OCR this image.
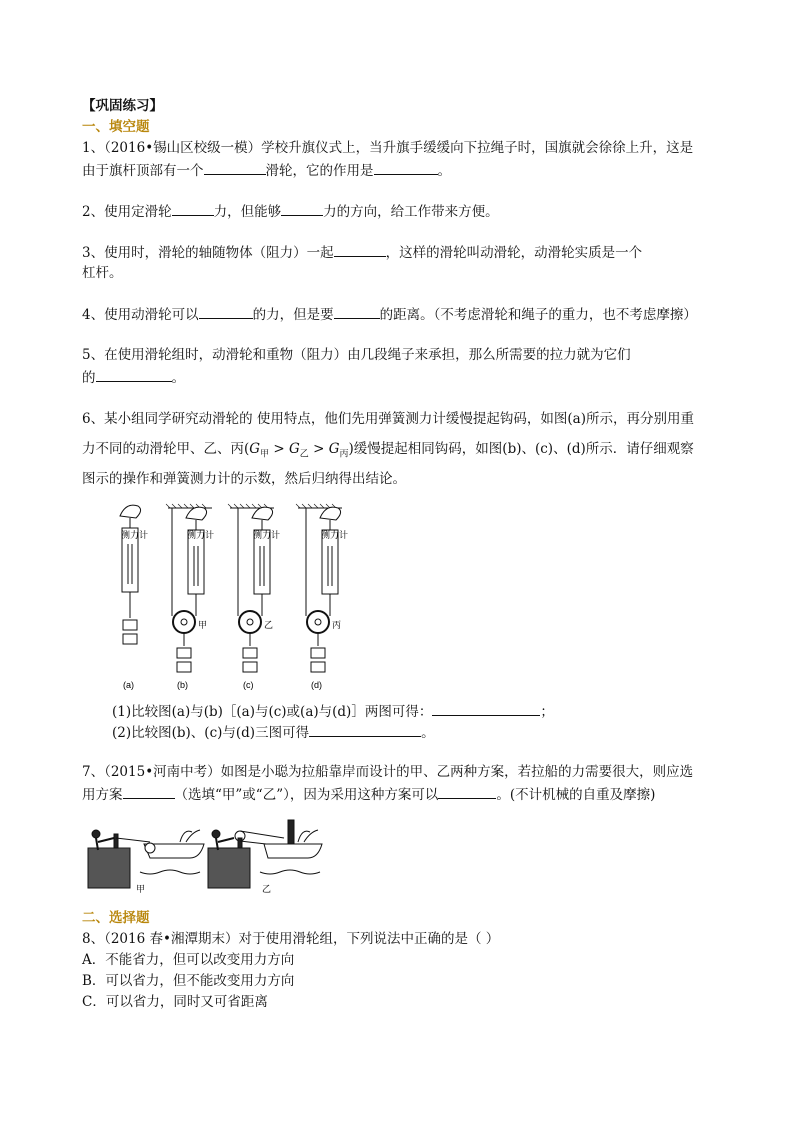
【巩固练习】
一、填空题
1、（2016•锡山区校级一模）学校升旗仪式上，当升旗手缓缓向下拉绳子时，国旗就会徐徐上升，这是
由于旗杆顶部有一个	滑轮，它的作用是	。
2、使用定滑轮	力，但能够	力的方向，给工作带来方便。
3、使用时，滑轮的轴随物体（阻力）一起	，这样的滑轮叫动滑轮，动滑轮实质是一个
杠杆。
4、使用动滑轮可以	的力，但是要	的距离。（不考虑滑轮和绳子的重力，也不考虑摩擦）
5、在使用滑轮组时，动滑轮和重物（阻力）由几段绳子来承担，那么所需要的拉力就为它们
的	。
6、某小组同学研究动滑轮的 使用特点，他们先用弹簧测力计缓慢提起钩码，如图(a)所示，再分别用重
力不同的动滑轮甲、乙、丙$(G_甲 > G_乙 > G_丙)$缓慢提起相同钩码，如图(b)、(c)、(d)所示．请仔细观察
图示的操作和弹簧测力计的示数，然后归纳得出结论。
测力计	测力计
甲
测力计
乙
测力计
丙
(a)	(b)	(c)	(d)
(1)比较图(a)与(b)［(a)与(c)或(a)与(d)］两图可得：	；
(2)比较图(b)、(c)与(d)三图可得	。
7、（2015•河南中考）如图是小聪为拉船靠岸而设计的甲、乙两种方案，若拉船的力需要很大，则应选
用方案	（选填“甲”或“乙”），因为采用这种方案可以	。(不计机械的自重及摩擦)
甲	乙
二、选择题
8、（2016 春•湘潭期末）对于使用滑轮组，下列说法中正确的是（ ）
A．不能省力，但可以改变用力方向
B．可以省力，但不能改变用力方向
C．可以省力，同时又可省距离
